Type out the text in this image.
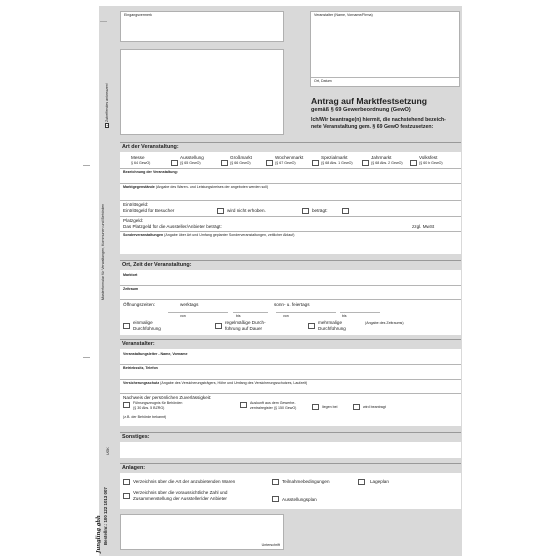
Eingangsvermerk	Veranstalter (Name, Vorname/Firma)
Ort, Datum
Antrag auf Marktfestsetzung
gemäß § 69 Gewerbeordnung (GewO)
Ich/Wir beantrage(n) hiermit, die nachstehend bezeich-
nete Veranstaltung gem. § 69 GewO festzusetzen:
x Zutreffendes ankreuzen!
Musterformular für Verwaltungen, Kommunen und Behörden
UGK
Bestellnr.: 100 122 1013 007
Jungling gbh
Art der Veranstaltung:
Messe
§ 64 GewO)
Ausstellung
(§ 65 GewO)
Großmarkt
(§ 66 GewO)
Wochenmarkt
(§ 67 GewO)
Spezialmarkt
(§ 68 Abs. 1 GewO)
Jahrmarkt
(§ 68 Abs. 2 GewO)
Volksfest
(§ 60 b GewO)
Bezeichnung der Veranstaltung:
Marktgegenstände (Angabe des Waren- und Leistungskreises der angeboten werden soll)
Eintrittsgeld:
Eintrittsgeld für Besucher	wird nicht erhoben.	beträgt:
Platzgeld:
Das Platzgeld für die Aussteller/Anbieter beträgt:	zzgl. MwSt
Sonderveranstaltungen (Angabe über Art und Umfang geplanter Sonderveranstaltungen, zeitlicher Ablauf)
Ort, Zeit der Veranstaltung:
Marktort
Zeitraum
Öffnungszeiten:	werktags	sonn- u. feiertags
von	bis	von	bis
einmalige
Durchführung
regelmäßige Durch-
führung auf Dauer
mehrmalige
Durchführung
(Angabe des Zeitraums)
Veranstalter:
Veranstaltungsleiter - Name, Vorname
Betriebssitz, Telefon
Versicherungsschutz (Angabe des Versicherungsträgers, Höhe und Umfang des Versicherungsschutzes, Laufzeit)
Nachweis der persönlichen Zuverlässigkeit:
Führungszeugnis für Behörden
(§ 30 Abs. 5 BZRG)
Auskunft aus dem Gewerbe-
zentralregister (§ 150 GewO)	liegen bei	wird beantragt
(z.B. der Behörde bekannt)
Sonstiges:
Anlagen:
Verzeichnis über die Art der anzubietenden Waren	Teilnahmebedingungen	Lageplan
Verzeichnis über die voraussichtliche Zahl und
Zusammenstellung der Aussteller/der Anbieter	Ausstellungsplan
Unterschrift
